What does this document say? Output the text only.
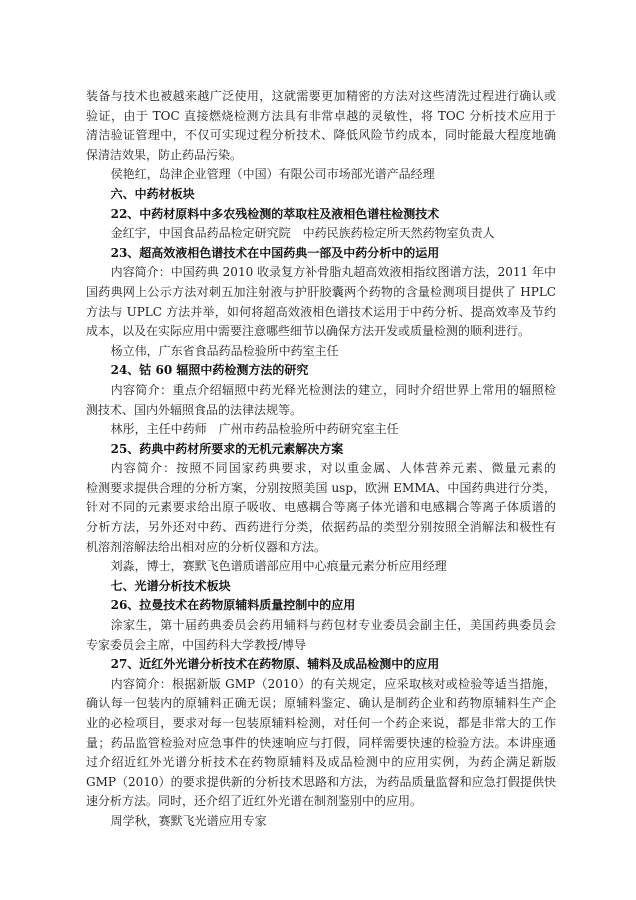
装备与技术也被越来越广泛使用，这就需要更加精密的方法对这些清洗过程进行确认或
验证，由于 TOC 直接燃烧检测方法具有非常卓越的灵敏性，将 TOC 分析技术应用于
清洁验证管理中，不仅可实现过程分析技术、降低风险节约成本，同时能最大程度地确
保清洁效果，防止药品污染。
侯艳红，岛津企业管理（中国）有限公司市场部光谱产品经理
六、中药材板块
22、中药材原料中多农残检测的萃取柱及液相色谱柱检测技术
金红宇，中国食品药品检定研究院　中药民族药检定所天然药物室负责人
23、超高效液相色谱技术在中国药典一部及中药分析中的运用
内容简介：中国药典 2010 收录复方补骨脂丸超高效液相指纹图谱方法，2011 年中
国药典网上公示方法对刺五加注射液与护肝胶囊两个药物的含量检测项目提供了 HPLC
方法与 UPLC 方法并举，如何将超高效液相色谱技术运用于中药分析、提高效率及节约
成本，以及在实际应用中需要注意哪些细节以确保方法开发或质量检测的顺利进行。
杨立伟，广东省食品药品检验所中药室主任
24、钴 60 辐照中药检测方法的研究
内容简介：重点介绍辐照中药光释光检测法的建立，同时介绍世界上常用的辐照检
测技术、国内外辐照食品的法律法规等。
林彤，主任中药师　广州市药品检验所中药研究室主任
25、药典中药材所要求的无机元素解决方案
内容简介：按照不同国家药典要求，对以重金属、人体营养元素、微量元素的
检测要求提供合理的分析方案，分别按照美国 usp，欧洲 EMMA、中国药典进行分类，
针对不同的元素要求给出原子吸收、电感耦合等离子体光谱和电感耦合等离子体质谱的
分析方法，另外还对中药、西药进行分类，依据药品的类型分别按照全消解法和极性有
机溶剂溶解法给出相对应的分析仪器和方法。
刘淼，博士，赛默飞色谱质谱部应用中心痕量元素分析应用经理
七、光谱分析技术板块
26、拉曼技术在药物原辅料质量控制中的应用
涂家生，第十届药典委员会药用辅料与药包材专业委员会副主任，美国药典委员会
专家委员会主席，中国药科大学教授/博导
27、近红外光谱分析技术在药物原、辅料及成品检测中的应用
内容简介：根据新版 GMP（2010）的有关规定，应采取核对或检验等适当措施，
确认每一包装内的原辅料正确无误；原辅料鉴定、确认是制药企业和药物原辅料生产企
业的必检项目，要求对每一包装原辅料检测，对任何一个药企来说，都是非常大的工作
量；药品监管检验对应急事件的快速响应与打假，同样需要快速的检验方法。本讲座通
过介绍近红外光谱分析技术在药物原辅料及成品检测中的应用实例，为药企满足新版
GMP（2010）的要求提供新的分析技术思路和方法，为药品质量监督和应急打假提供快
速分析方法。同时，还介绍了近红外光谱在制剂鉴别中的应用。
周学秋，赛默飞光谱应用专家
